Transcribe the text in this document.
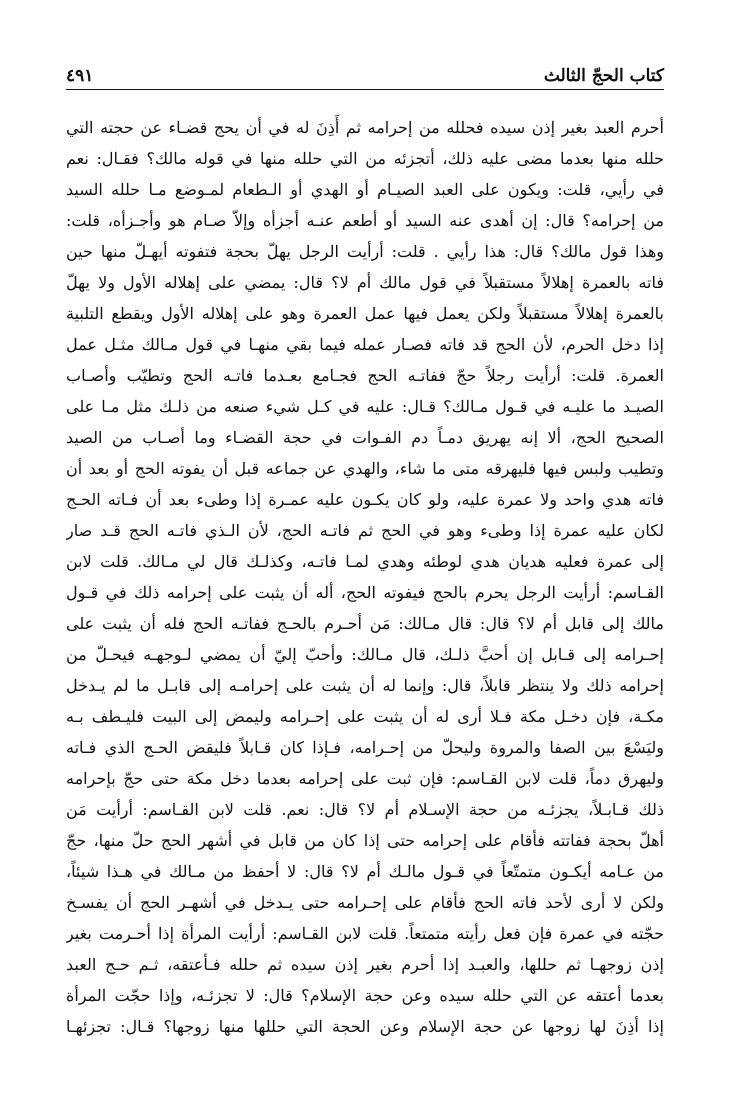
كتاب الحجّ الثالث
٤٩١
أحرم العبد بغير إذن سيده فحلله من إحرامه ثم أَذِنَ له في أن يحج قضـاء عن حجته التي
حلله منها بعدما مضى عليه ذلك، أتجزئه من التي حلله منها في قوله مالك؟ فقـال: نعم
في رأيي، قلت: ويكون على العبد الصيـام أو الهدي أو الـطعام لمـوضع مـا حلله السيد
من إحرامه؟ قال: إن أهدى عنه السيد أو أطعم عنـه أجزأه وإلاّ صـام هو وأجـزأه، قلت:
وهذا قول مالك؟ قال: هذا رأيي . قلت: أرأيت الرجل يهلّ بحجة فتفوته أيهـلّ منها حين
فاته بالعمرة إهلالاً مستقبلاً في قول مالك أم لا؟ قال: يمضي على إهلاله الأول ولا يهلّ
بالعمرة إهلالاً مستقبلاً ولكن يعمل فيها عمل العمرة وهو على إهلاله الأول ويقطع التلبية
إذا دخل الحرم، لأن الحج قد فاته فصـار عمله فيما بقي منهـا في قول مـالك مثـل عمل
العمرة. قلت: أرأيت رجلاً حجّ ففاتـه الحج فجـامع بعـدما فاتـه الحج وتطيّب وأصـاب
الصيـد ما عليـه في قـول مـالك؟ قـال: عليه في كـل شيء صنعه من ذلـك مثل مـا على
الصحيح الحج، ألا إنه يهريق دمـاً دم الفـوات في حجة القضـاء وما أصـاب من الصيد
وتطيب ولبس فيها فليهرقه متى ما شاء، والهدي عن جماعه قبل أن يفوته الحج أو بعد أن
فاته هدي واحد ولا عمرة عليه، ولو كان يكـون عليه عمـرة إذا وطىء بعد أن فـاته الحـج
لكان عليه عمرة إذا وطىء وهو في الحج ثم فاتـه الحج، لأن الـذي فاتـه الحج قـد صار
إلى عمرة فعليه هديان هدي لوطئه وهدي لمـا فاتـه، وكذلـك قال لي مـالك. قلت لابن
القـاسم: أرأيت الرجل يحرم بالحج فيفوته الحج، أله أن يثبت على إحرامه ذلك في قـول
مالك إلى قابل أم لا؟ قال: قال مـالك: مَن أحـرم بالحـج ففاتـه الحج فله أن يثبت على
إحـرامه إلى قـابل إن أحبَّ ذلـك، قال مـالك: وأحبّ إليّ أن يمضي لـوجهـه فيحـلّ من
إحرامه ذلك ولا ينتظر قابلاً، قال: وإنما له أن يثبت على إحرامـه إلى قابـل ما لم يـدخل
مكـة، فإن دخـل مكة فـلا أرى له أن يثبت على إحـرامه وليمض إلى البيت فليـطف بـه
وليَسْعَ بين الصفا والمروة وليحلّ من إحـرامه، فـإذا كان قـابلاً فليقض الحـج الذي فـاته
وليهرق دماً، قلت لابن القـاسم: فإن ثبت على إحرامه بعدما دخل مكة حتى حجّ بإحرامه
ذلك قـابـلاً، يجزئـه من حجة الإسـلام أم لا؟ قال: نعم. قلت لابن القـاسم: أرأيت مَن
أهلّ بحجة ففاتته فأقام على إحرامه حتى إذا كان من قابل في أشهر الحج حلّ منها، حجّ
من عـامه أيكـون متمتّعاً في قـول مالـك أم لا؟ قال: لا أحفظ من مـالك في هـذا شيئاً،
ولكن لا أرى لأحد فاته الحج فأقام على إحـرامه حتى يـدخل في أشهـر الحج أن يفسـخ
حجّته في عمرة فإن فعل رأيته متمتعاً. قلت لابن القـاسم: أرأيت المرأة إذا أحـرمت بغير
إذن زوجهـا ثم حللها، والعبـد إذا أحرم بغير إذن سيده ثم حلله فـأعتقه، ثـم حـج العبد
بعدما أعتقه عن التي حلله سيده وعن حجة الإسلام؟ قال: لا تجزئـه، وإذا حجّت المرأة
إذا أذِنَ لها زوجها عن حجة الإسلام وعن الحجة التي حللها منها زوجها؟ قـال: تجزئهـا
